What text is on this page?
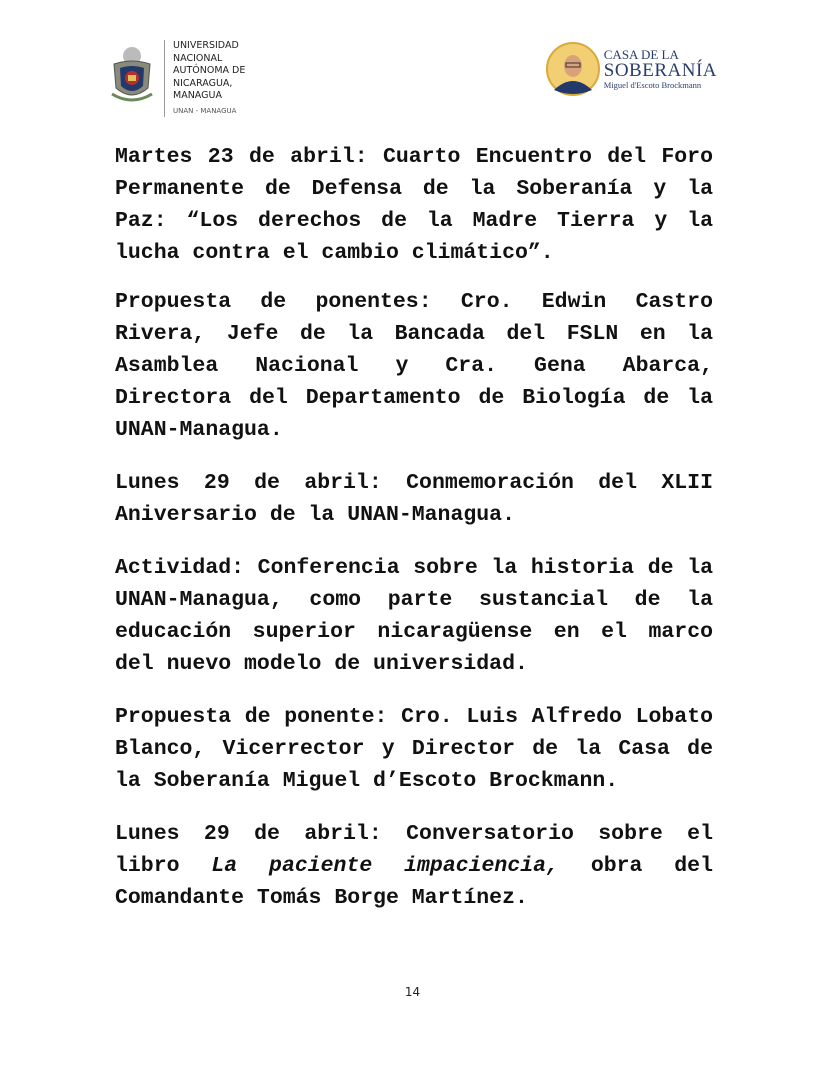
UNIVERSIDAD
NACIONAL
AUTÓNOMA DE
NICARAGUA,
MANAGUA
UNAN - MANAGUA
CASA DE LA
SOBERANÍA
Miguel d'Escoto Brockmann

Martes 23 de abril: Cuarto Encuentro del Foro Permanente de Defensa de la Soberanía y la Paz: “Los derechos de la Madre Tierra y la lucha contra el cambio climático”.

Propuesta de ponentes: Cro. Edwin Castro Rivera, Jefe de la Bancada del FSLN en la Asamblea Nacional y Cra. Gena Abarca, Directora del Departamento de Biología de la UNAN-Managua.

Lunes 29 de abril: Conmemoración del XLII Aniversario de la UNAN-Managua.

Actividad: Conferencia sobre la historia de la UNAN-Managua, como parte sustancial de la educación superior nicaragüense en el marco del nuevo modelo de universidad.

Propuesta de ponente: Cro. Luis Alfredo Lobato Blanco, Vicerrector y Director de la Casa de la Soberanía Miguel d’Escoto Brockmann.

Lunes 29 de abril: Conversatorio sobre el libro La paciente impaciencia, obra del Comandante Tomás Borge Martínez.

14
